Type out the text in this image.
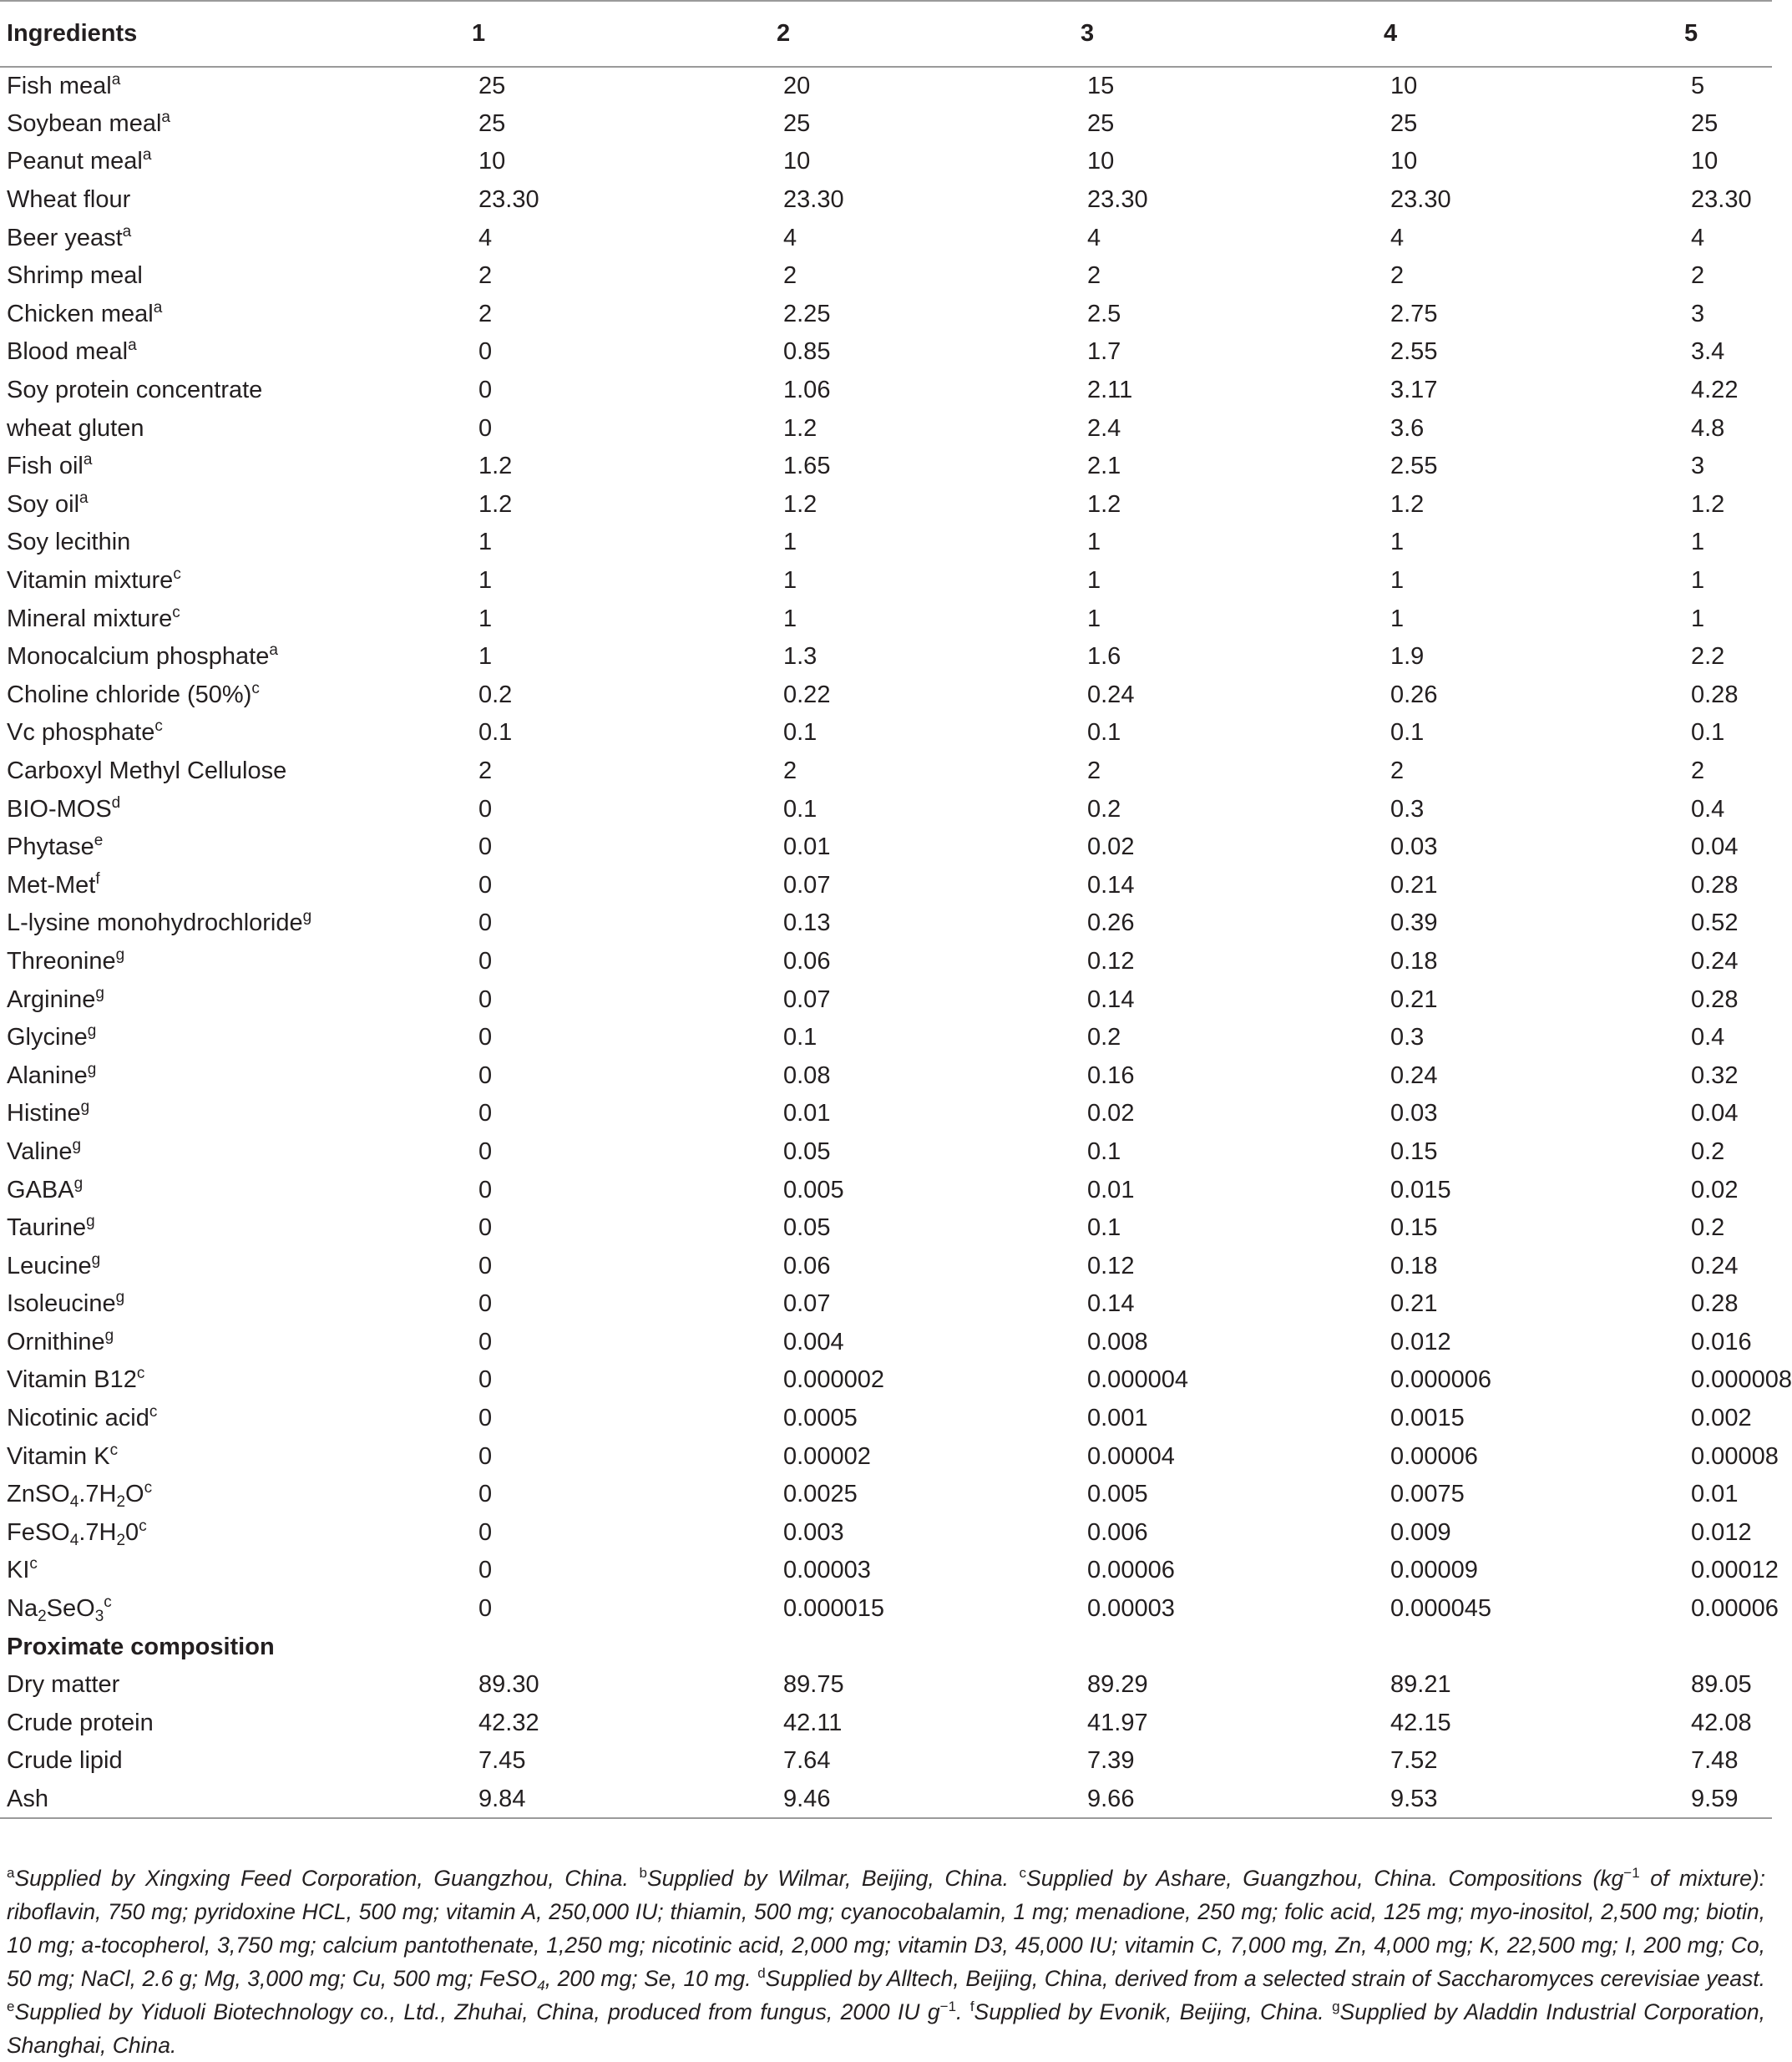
Ingredients	1	2	3	4	5
Fish meal$^a$	25	20	15	10	5
Soybean meal$^a$	25	25	25	25	25
Peanut meal$^a$	10	10	10	10	10
Wheat flour	23.30	23.30	23.30	23.30	23.30
Beer yeast$^a$	4	4	4	4	4
Shrimp meal	2	2	2	2	2
Chicken meal$^a$	2	2.25	2.5	2.75	3
Blood meal$^a$	0	0.85	1.7	2.55	3.4
Soy protein concentrate	0	1.06	2.11	3.17	4.22
wheat gluten	0	1.2	2.4	3.6	4.8
Fish oil$^a$	1.2	1.65	2.1	2.55	3
Soy oil$^a$	1.2	1.2	1.2	1.2	1.2
Soy lecithin	1	1	1	1	1
Vitamin mixture$^c$	1	1	1	1	1
Mineral mixture$^c$	1	1	1	1	1
Monocalcium phosphate$^a$	1	1.3	1.6	1.9	2.2
Choline chloride $(50\%)^c$	0.2	0.22	0.24	0.26	0.28
Vc phosphate$^c$	0.1	0.1	0.1	0.1	0.1
Carboxyl Methyl Cellulose	2	2	2	2	2
BIO-MOS$^d$	0	0.1	0.2	0.3	0.4
Phytase$^e$	0	0.01	0.02	0.03	0.04
Met-Met$^f$	0	0.07	0.14	0.21	0.28
L-lysine monohydrochloride$^g$	0	0.13	0.26	0.39	0.52
Threonine$^g$	0	0.06	0.12	0.18	0.24
Arginine$^g$	0	0.07	0.14	0.21	0.28
Glycine$^g$	0	0.1	0.2	0.3	0.4
Alanine$^g$	0	0.08	0.16	0.24	0.32
Histine$^g$	0	0.01	0.02	0.03	0.04
Valine$^g$	0	0.05	0.1	0.15	0.2
GABA$^g$	0	0.005	0.01	0.015	0.02
Taurine$^g$	0	0.05	0.1	0.15	0.2
Leucine$^g$	0	0.06	0.12	0.18	0.24
Isoleucine$^g$	0	0.07	0.14	0.21	0.28
Ornithine$^g$	0	0.004	0.008	0.012	0.016
Vitamin B12$^c$	0	0.000002	0.000004	0.000006	0.000008
Nicotinic acid$^c$	0	0.0005	0.001	0.0015	0.002
Vitamin $K^c$	0	0.00002	0.00004	0.00006	0.00008
$ZnSO_4.7H_2O^c$	0	0.0025	0.005	0.0075	0.01
$FeSO_4.7H_20^c$	0	0.003	0.006	0.009	0.012
$KI^c$	0	0.00003	0.00006	0.00009	0.00012
$Na_2SeO_3^c$	0	0.000015	0.00003	0.000045	0.00006
Proximate composition					
Dry matter	89.30	89.75	89.29	89.21	89.05
Crude protein	42.32	42.11	41.97	42.15	42.08
Crude lipid	7.45	7.64	7.39	7.52	7.48
Ash	9.84	9.46	9.66	9.53	9.59

$^a$Supplied by Xingxing Feed Corporation, Guangzhou, China. $^b$Supplied by Wilmar, Beijing, China. $^c$Supplied by Ashare, Guangzhou, China. Compositions ($kg^{-1}$ of mixture): riboflavin, 750 mg; pyridoxine HCL, 500 mg; vitamin A, 250,000 IU; thiamin, 500 mg; cyanocobalamin, 1 mg; menadione, 250 mg; folic acid, 125 mg; myo-inositol, 2,500 mg; biotin, 10 mg; a-tocopherol, 3,750 mg; calcium pantothenate, 1,250 mg; nicotinic acid, 2,000 mg; vitamin D3, 45,000 IU; vitamin C, 7,000 mg, Zn, 4,000 mg; K, 22,500 mg; I, 200 mg; Co, 50 mg; NaCl, 2.6 g; Mg, 3,000 mg; Cu, 500 mg; FeSO$_4$, 200 mg; Se, 10 mg. $^d$Supplied by Alltech, Beijing, China, derived from a selected strain of Saccharomyces cerevisiae yeast. $^e$Supplied by Yiduoli Biotechnology co., Ltd., Zhuhai, China, produced from fungus, 2000 IU $g^{-1}$. $^f$Supplied by Evonik, Beijing, China. $^g$Supplied by Aladdin Industrial Corporation, Shanghai, China.
